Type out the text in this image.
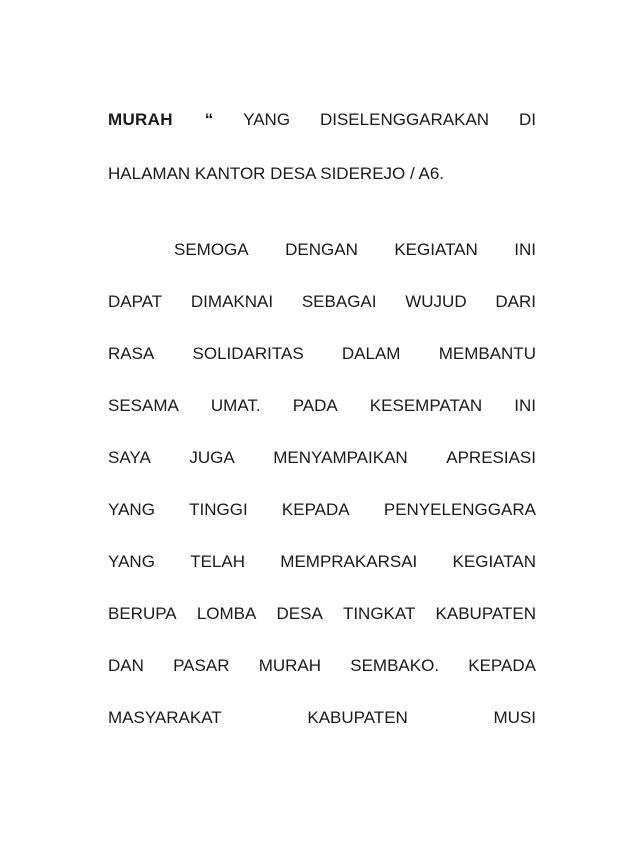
MURAH “ YANG DISELENGGARAKAN DI
HALAMAN KANTOR DESA SIDEREJO / A6.
SEMOGA DENGAN KEGIATAN INI
DAPAT DIMAKNAI SEBAGAI WUJUD DARI
RASA SOLIDARITAS DALAM MEMBANTU
SESAMA UMAT. PADA KESEMPATAN INI
SAYA JUGA MENYAMPAIKAN APRESIASI
YANG TINGGI KEPADA PENYELENGGARA
YANG TELAH MEMPRAKARSAI KEGIATAN
BERUPA LOMBA DESA TINGKAT KABUPATEN
DAN PASAR MURAH SEMBAKO. KEPADA
MASYARAKAT	KABUPATEN	MUSI
